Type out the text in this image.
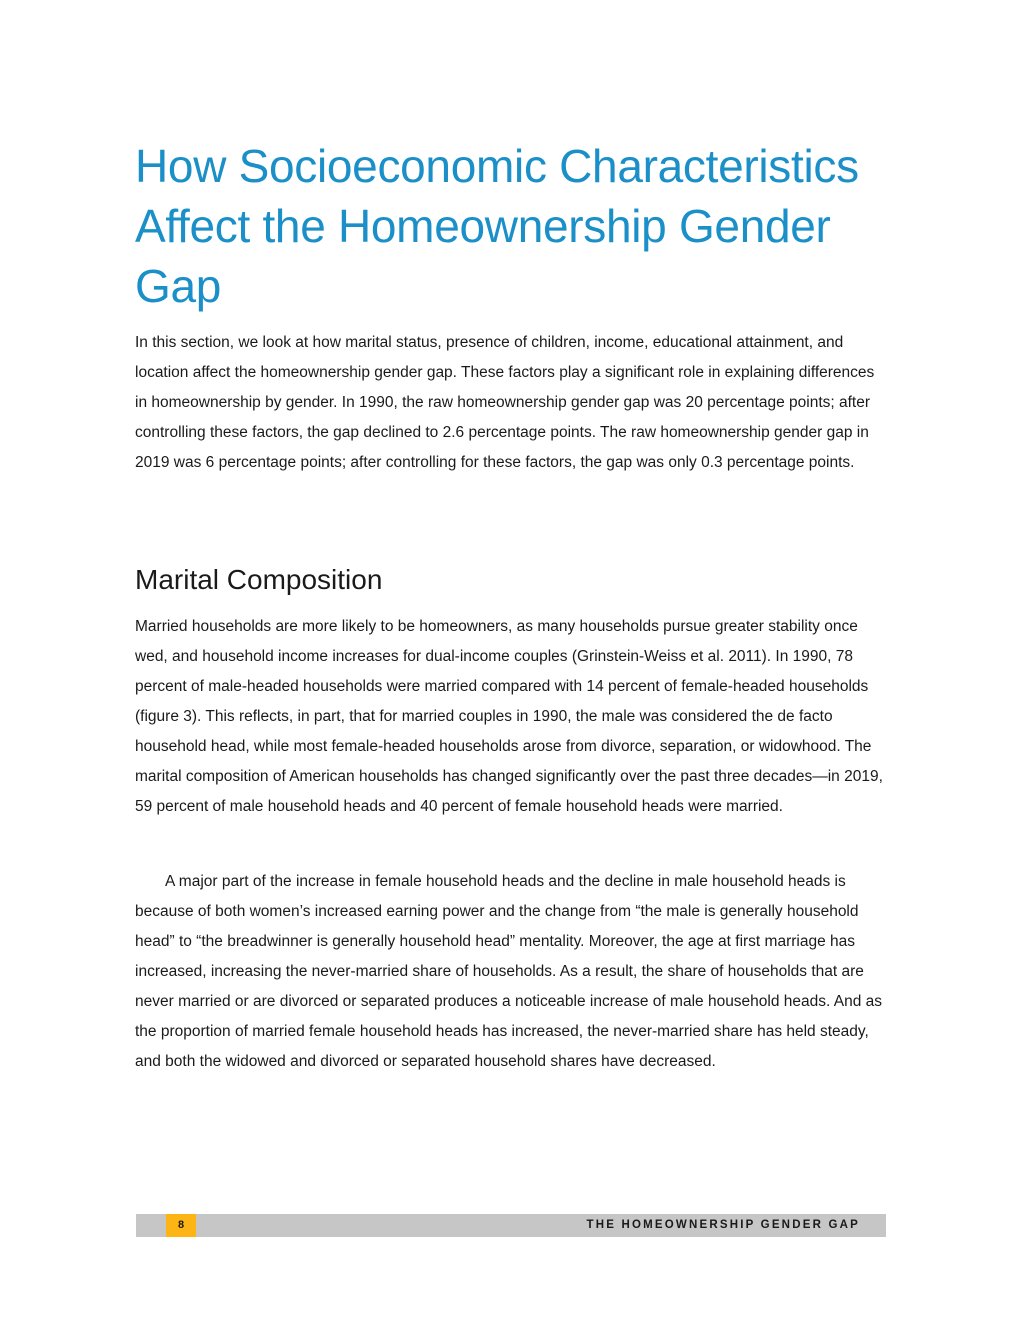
How Socioeconomic Characteristics Affect the Homeownership Gender Gap

In this section, we look at how marital status, presence of children, income, educational attainment, and location affect the homeownership gender gap. These factors play a significant role in explaining differences in homeownership by gender. In 1990, the raw homeownership gender gap was 20 percentage points; after controlling these factors, the gap declined to 2.6 percentage points. The raw homeownership gender gap in 2019 was 6 percentage points; after controlling for these factors, the gap was only 0.3 percentage points.

Marital Composition

Married households are more likely to be homeowners, as many households pursue greater stability once wed, and household income increases for dual-income couples (Grinstein-Weiss et al. 2011). In 1990, 78 percent of male-headed households were married compared with 14 percent of female-headed households (figure 3). This reflects, in part, that for married couples in 1990, the male was considered the de facto household head, while most female-headed households arose from divorce, separation, or widowhood. The marital composition of American households has changed significantly over the past three decades—in 2019, 59 percent of male household heads and 40 percent of female household heads were married.

A major part of the increase in female household heads and the decline in male household heads is because of both women’s increased earning power and the change from “the male is generally household head” to “the breadwinner is generally household head” mentality. Moreover, the age at first marriage has increased, increasing the never-married share of households. As a result, the share of households that are never married or are divorced or separated produces a noticeable increase of male household heads. And as the proportion of married female household heads has increased, the never-married share has held steady, and both the widowed and divorced or separated household shares have decreased.

8	THE HOMEOWNERSHIP GENDER GAP
